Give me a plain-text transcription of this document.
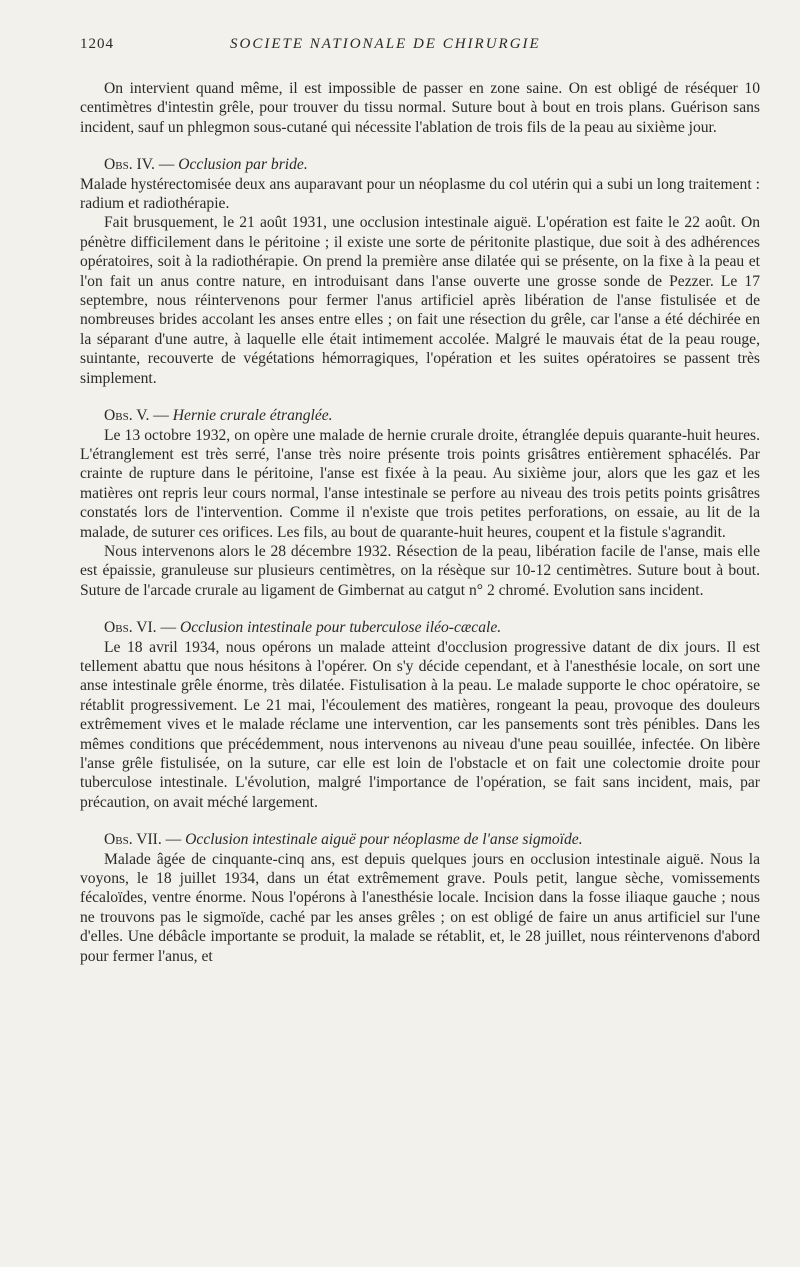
1204	SOCIETE NATIONALE DE CHIRURGIE

On intervient quand même, il est impossible de passer en zone saine. On est obligé de réséquer 10 centimètres d'intestin grêle, pour trouver du tissu normal. Suture bout à bout en trois plans. Guérison sans incident, sauf un phlegmon sous-cutané qui nécessite l'ablation de trois fils de la peau au sixième jour.

Obs. IV. — Occlusion par bride.

Malade hystérectomisée deux ans auparavant pour un néoplasme du col utérin qui a subi un long traitement : radium et radiothérapie.

Fait brusquement, le 21 août 1931, une occlusion intestinale aiguë. L'opération est faite le 22 août. On pénètre difficilement dans le péritoine ; il existe une sorte de péritonite plastique, due soit à des adhérences opératoires, soit à la radiothérapie. On prend la première anse dilatée qui se présente, on la fixe à la peau et l'on fait un anus contre nature, en introduisant dans l'anse ouverte une grosse sonde de Pezzer. Le 17 septembre, nous réintervenons pour fermer l'anus artificiel après libération de l'anse fistulisée et de nombreuses brides accolant les anses entre elles ; on fait une résection du grêle, car l'anse a été déchirée en la séparant d'une autre, à laquelle elle était intimement accolée. Malgré le mauvais état de la peau rouge, suintante, recouverte de végétations hémorragiques, l'opération et les suites opératoires se passent très simplement.

Obs. V. — Hernie crurale étranglée.

Le 13 octobre 1932, on opère une malade de hernie crurale droite, étranglée depuis quarante-huit heures. L'étranglement est très serré, l'anse très noire présente trois points grisâtres entièrement sphacélés. Par crainte de rupture dans le péritoine, l'anse est fixée à la peau. Au sixième jour, alors que les gaz et les matières ont repris leur cours normal, l'anse intestinale se perfore au niveau des trois petits points grisâtres constatés lors de l'intervention. Comme il n'existe que trois petites perforations, on essaie, au lit de la malade, de suturer ces orifices. Les fils, au bout de quarante-huit heures, coupent et la fistule s'agrandit.

Nous intervenons alors le 28 décembre 1932. Résection de la peau, libération facile de l'anse, mais elle est épaissie, granuleuse sur plusieurs centimètres, on la résèque sur 10-12 centimètres. Suture bout à bout. Suture de l'arcade crurale au ligament de Gimbernat au catgut n° 2 chromé. Evolution sans incident.

Obs. VI. — Occlusion intestinale pour tuberculose iléo-cæcale.

Le 18 avril 1934, nous opérons un malade atteint d'occlusion progressive datant de dix jours. Il est tellement abattu que nous hésitons à l'opérer. On s'y décide cependant, et à l'anesthésie locale, on sort une anse intestinale grêle énorme, très dilatée. Fistulisation à la peau. Le malade supporte le choc opératoire, se rétablit progressivement. Le 21 mai, l'écoulement des matières, rongeant la peau, provoque des douleurs extrêmement vives et le malade réclame une intervention, car les pansements sont très pénibles. Dans les mêmes conditions que précédemment, nous intervenons au niveau d'une peau souillée, infectée. On libère l'anse grêle fistulisée, on la suture, car elle est loin de l'obstacle et on fait une colectomie droite pour tuberculose intestinale. L'évolution, malgré l'importance de l'opération, se fait sans incident, mais, par précaution, on avait méché largement.

Obs. VII. — Occlusion intestinale aiguë pour néoplasme de l'anse sigmoïde.

Malade âgée de cinquante-cinq ans, est depuis quelques jours en occlusion intestinale aiguë. Nous la voyons, le 18 juillet 1934, dans un état extrêmement grave. Pouls petit, langue sèche, vomissements fécaloïdes, ventre énorme. Nous l'opérons à l'anesthésie locale. Incision dans la fosse iliaque gauche ; nous ne trouvons pas le sigmoïde, caché par les anses grêles ; on est obligé de faire un anus artificiel sur l'une d'elles. Une débâcle importante se produit, la malade se rétablit, et, le 28 juillet, nous réintervenons d'abord pour fermer l'anus, et
